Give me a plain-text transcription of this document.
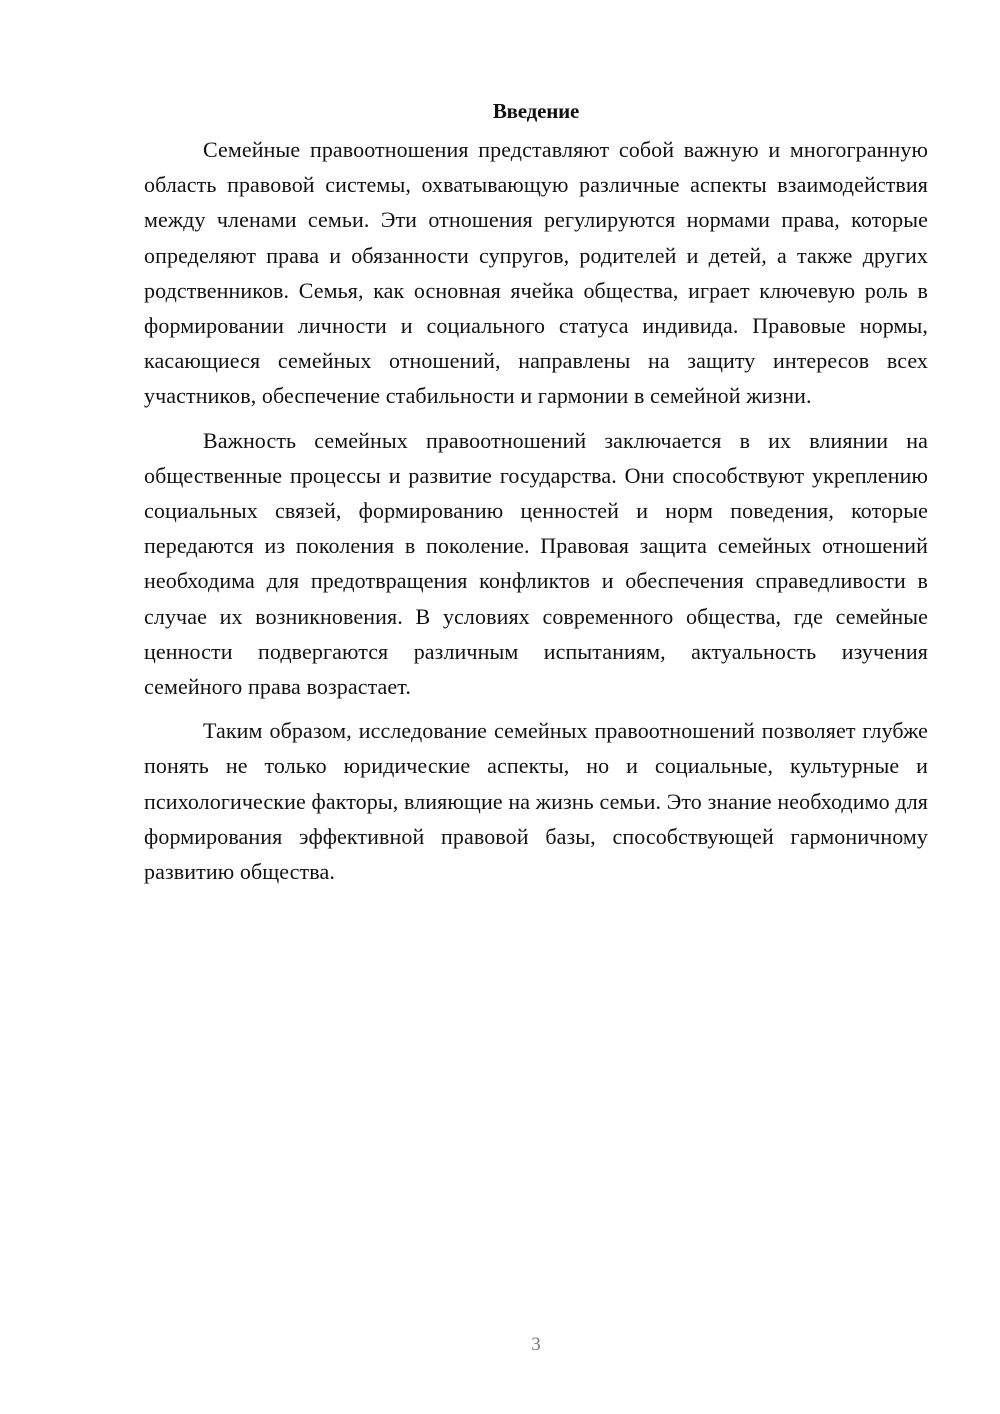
Введение

Семейные правоотношения представляют собой важную и многогранную область правовой системы, охватывающую различные аспекты взаимодействия между членами семьи. Эти отношения регулируются нормами права, которые определяют права и обязанности супругов, родителей и детей, а также других родственников. Семья, как основная ячейка общества, играет ключевую роль в формировании личности и социального статуса индивида. Правовые нормы, касающиеся семейных отношений, направлены на защиту интересов всех участников, обеспечение стабильности и гармонии в семейной жизни.

Важность семейных правоотношений заключается в их влиянии на общественные процессы и развитие государства. Они способствуют укреплению социальных связей, формированию ценностей и норм поведения, которые передаются из поколения в поколение. Правовая защита семейных отношений необходима для предотвращения конфликтов и обеспечения справедливости в случае их возникновения. В условиях современного общества, где семейные ценности подвергаются различным испытаниям, актуальность изучения семейного права возрастает.

Таким образом, исследование семейных правоотношений позволяет глубже понять не только юридические аспекты, но и социальные, культурные и психологические факторы, влияющие на жизнь семьи. Это знание необходимо для формирования эффективной правовой базы, способствующей гармоничному развитию общества.

3
